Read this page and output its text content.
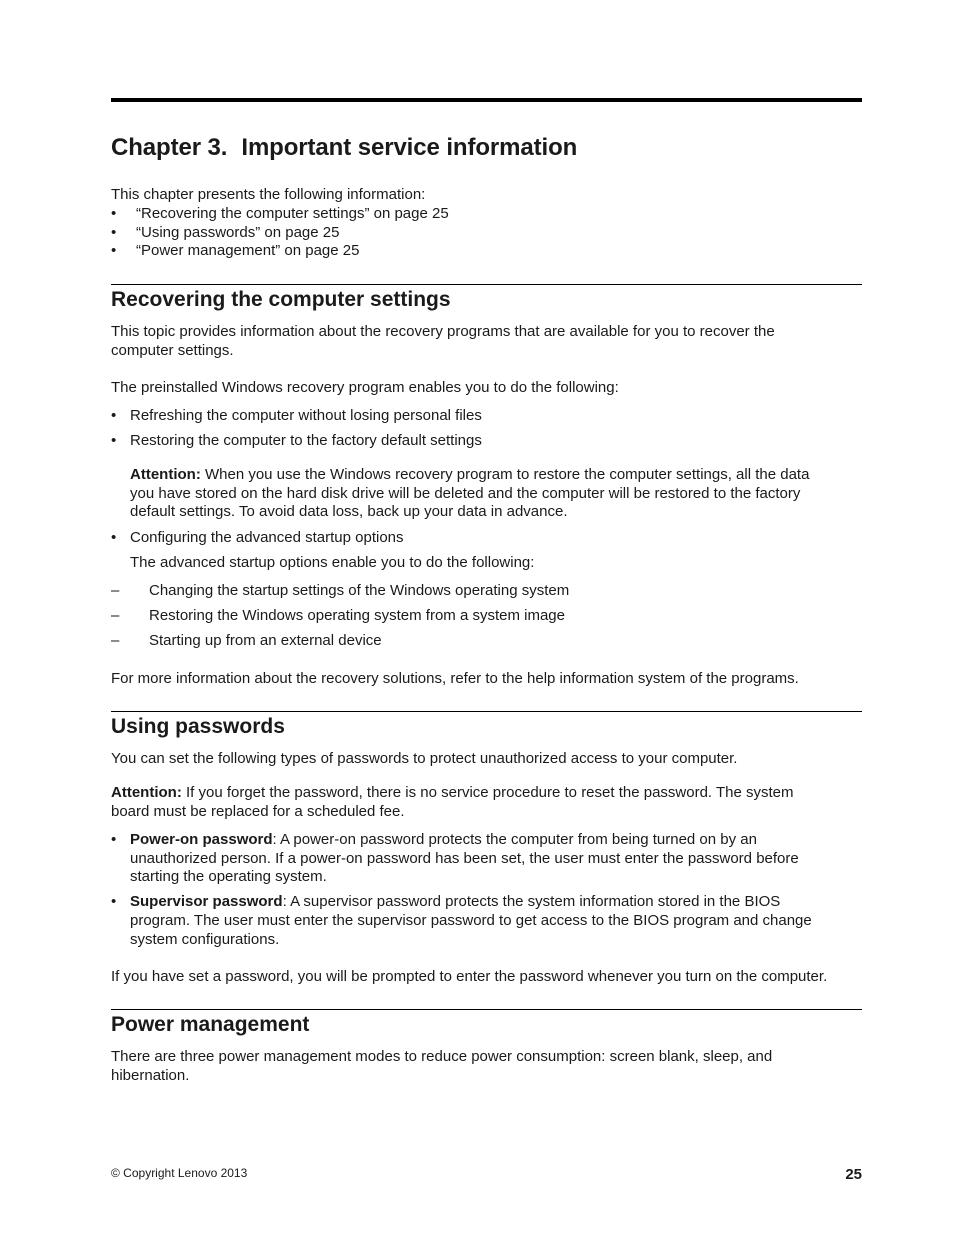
Chapter 3. Important service information

This chapter presents the following information:

• “Recovering the computer settings” on page 25
• “Using passwords” on page 25
• “Power management” on page 25
Recovering the computer settings

This topic provides information about the recovery programs that are available for you to recover the

computer settings.

The preinstalled Windows recovery program enables you to do the following:

• Refreshing the computer without losing personal files

• Restoring the computer to the factory default settings

Attention: When you use the Windows recovery program to restore the computer settings, all the data

you have stored on the hard disk drive will be deleted and the computer will be restored to the factory

default settings. To avoid data loss, back up your data in advance.

• Configuring the advanced startup options

The advanced startup options enable you to do the following:

– Changing the startup settings of the Windows operating system

– Restoring the Windows operating system from a system image

– Starting up from an external device

For more information about the recovery solutions, refer to the help information system of the programs.

Using passwords

You can set the following types of passwords to protect unauthorized access to your computer.

Attention: If you forget the password, there is no service procedure to reset the password. The system

board must be replaced for a scheduled fee.

• Power-on password: A power-on password protects the computer from being turned on by an

unauthorized person. If a power-on password has been set, the user must enter the password before

starting the operating system.

• Supervisor password: A supervisor password protects the system information stored in the BIOS

program. The user must enter the supervisor password to get access to the BIOS program and change

system configurations.

If you have set a password, you will be prompted to enter the password whenever you turn on the computer.

Power management

There are three power management modes to reduce power consumption: screen blank, sleep, and

hibernation.

© Copyright Lenovo 2013	25
